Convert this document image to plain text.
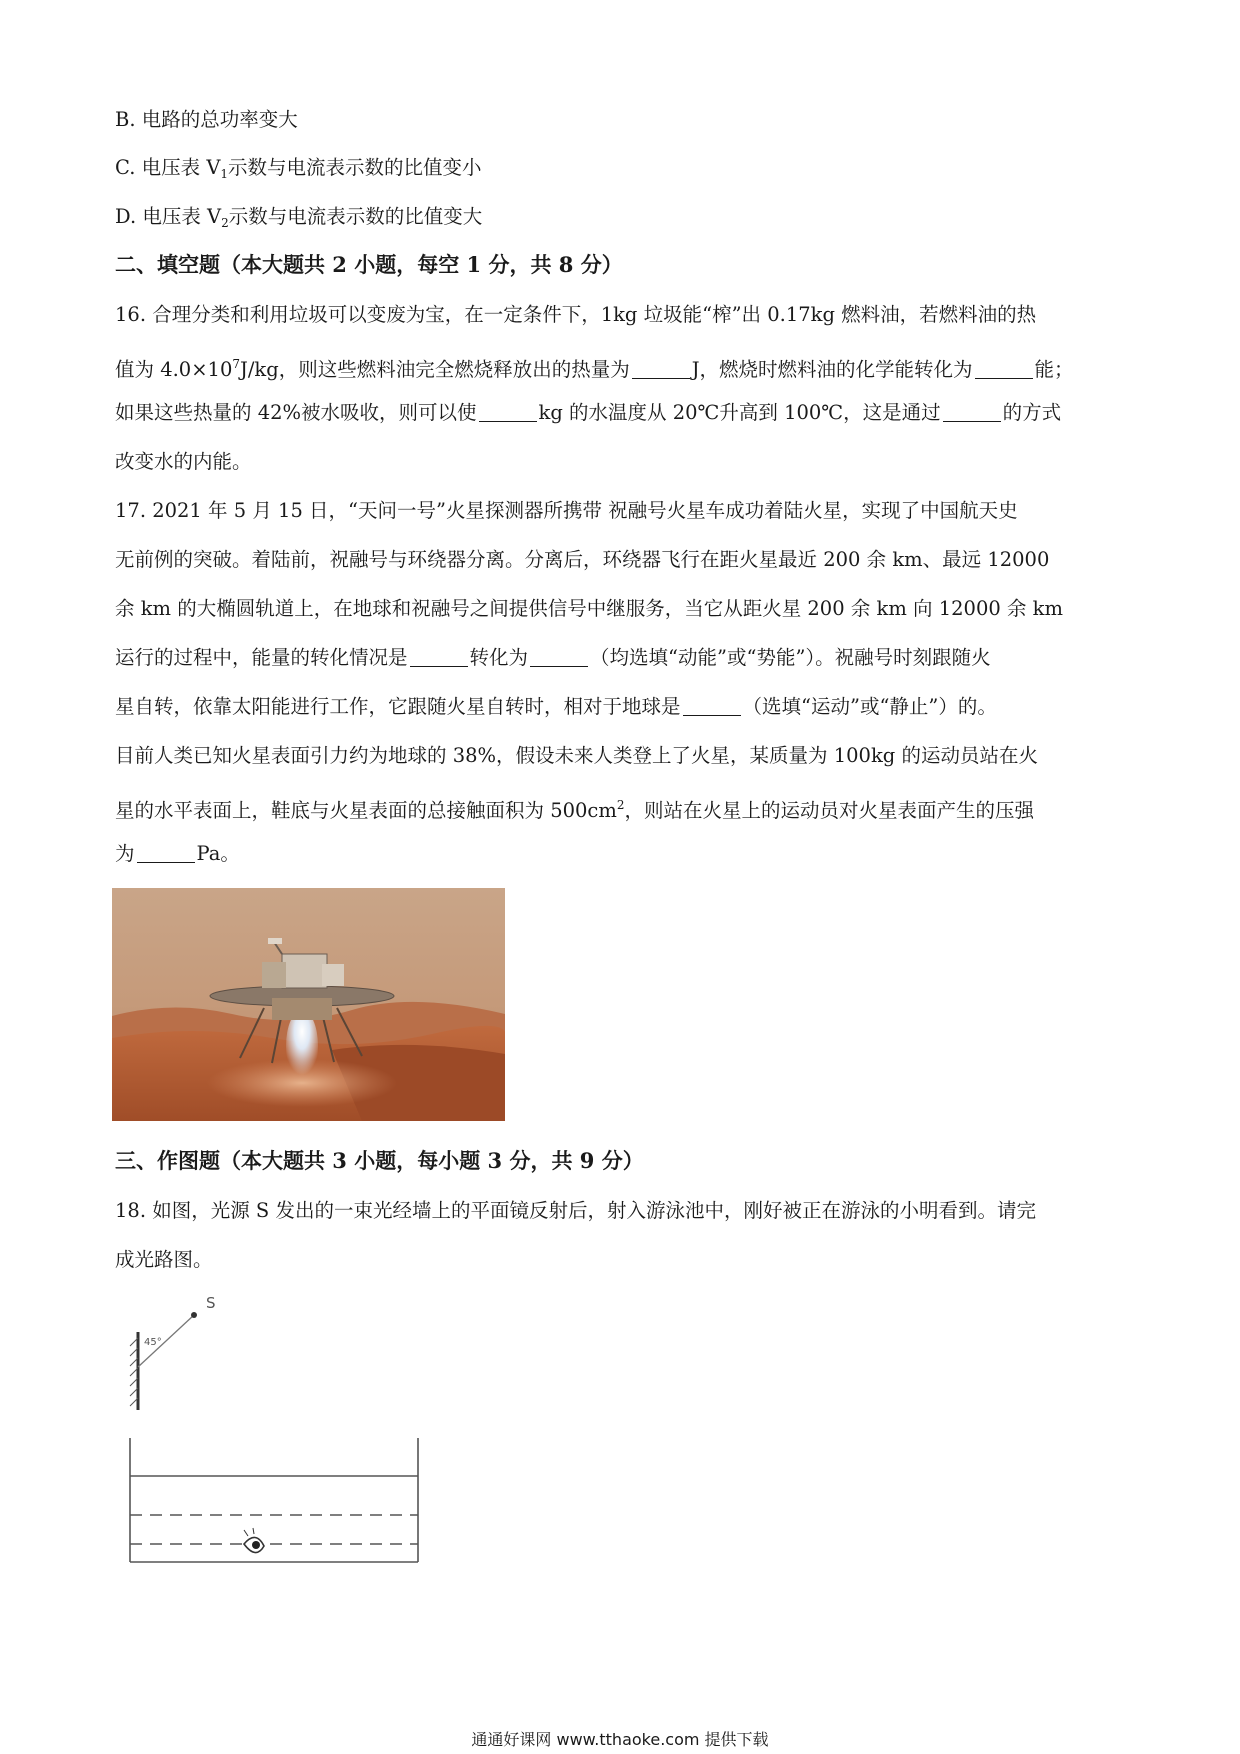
B. 电路的总功率变大
C. 电压表 $V_1$示数与电流表示数的比值变小
D. 电压表 $V_2$示数与电流表示数的比值变大
二、填空题（本大题共 2 小题，每空 1 分，共 8 分）
16. 合理分类和利用垃圾可以变废为宝，在一定条件下，1kg 垃圾能“榨”出 0.17kg 燃料油，若燃料油的热
值为 $4.0\times 10^7J/kg$，则这些燃料油完全燃烧释放出的热量为	J，燃烧时燃料油的化学能转化为	能；
如果这些热量的 42%被水吸收，则可以使	kg 的水温度从 20℃升高到 100℃，这是通过	的方式
改变水的内能。
17. 2021 年 5 月 15 日，“天问一号”火星探测器所携带 祝融号火星车成功着陆火星，实现了中国航天史
无前例的突破。着陆前，祝融号与环绕器分离。分离后，环绕器飞行在距火星最近 200 余 km、最远 12000
余 km 的大椭圆轨道上，在地球和祝融号之间提供信号中继服务，当它从距火星 200 余 km 向 12000 余 km
运行的过程中，能量的转化情况是	转化为	（均选填“动能”或“势能”）。祝融号时刻跟随火
星自转，依靠太阳能进行工作，它跟随火星自转时，相对于地球是	（选填“运动”或“静止”）的。
目前人类已知火星表面引力约为地球的 38%，假设未来人类登上了火星，某质量为 100kg 的运动员站在火
星的水平表面上，鞋底与火星表面的总接触面积为 $500cm^2$，则站在火星上的运动员对火星表面产生的压强
为	Pa。
三、作图题（本大题共 3 小题，每小题 3 分，共 9 分）
18. 如图，光源 S 发出的一束光经墙上的平面镜反射后，射入游泳池中，刚好被正在游泳的小明看到。请完
成光路图。
S
45°
通通好课网 www.tthaoke.com 提供下载
